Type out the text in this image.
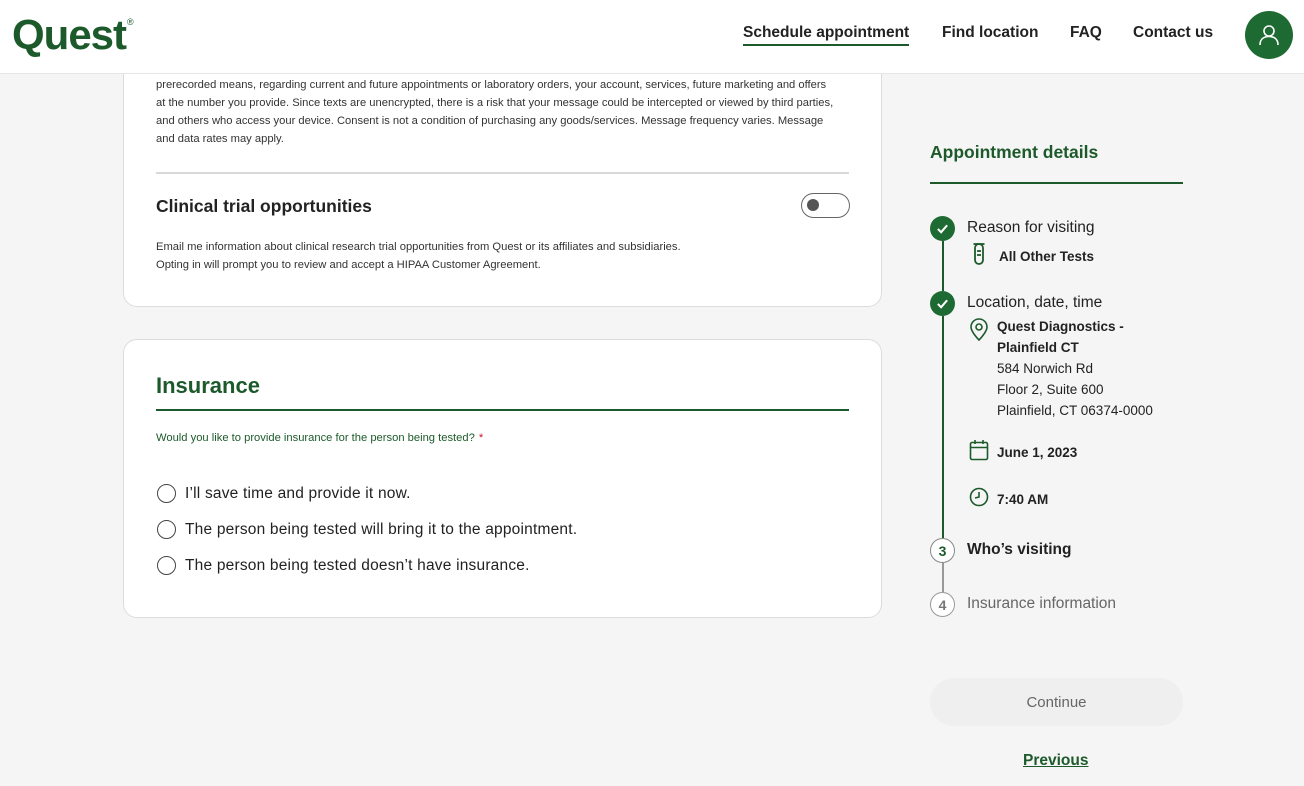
Quest®
Schedule appointment Find location FAQ Contact us

prerecorded means, regarding current and future appointments or laboratory orders, your account, services, future marketing and offers at the number you provide. Since texts are unencrypted, there is a risk that your message could be intercepted or viewed by third parties, and others who access your device. Consent is not a condition of purchasing any goods/services. Message frequency varies. Message and data rates may apply.

Clinical trial opportunities
Email me information about clinical research trial opportunities from Quest or its affiliates and subsidiaries.
Opting in will prompt you to review and accept a HIPAA Customer Agreement.
Insurance
Would you like to provide insurance for the person being tested? *
I’ll save time and provide it now.
The person being tested will bring it to the appointment.
The person being tested doesn’t have insurance.
Appointment details
Reason for visiting
All Other Tests
Location, date, time
Quest Diagnostics -
Plainfield CT
584 Norwich Rd
Floor 2, Suite 600
Plainfield, CT 06374-0000
June 1, 2023
7:40 AM
3	Who’s visiting
4	Insurance information
Continue
Previous
